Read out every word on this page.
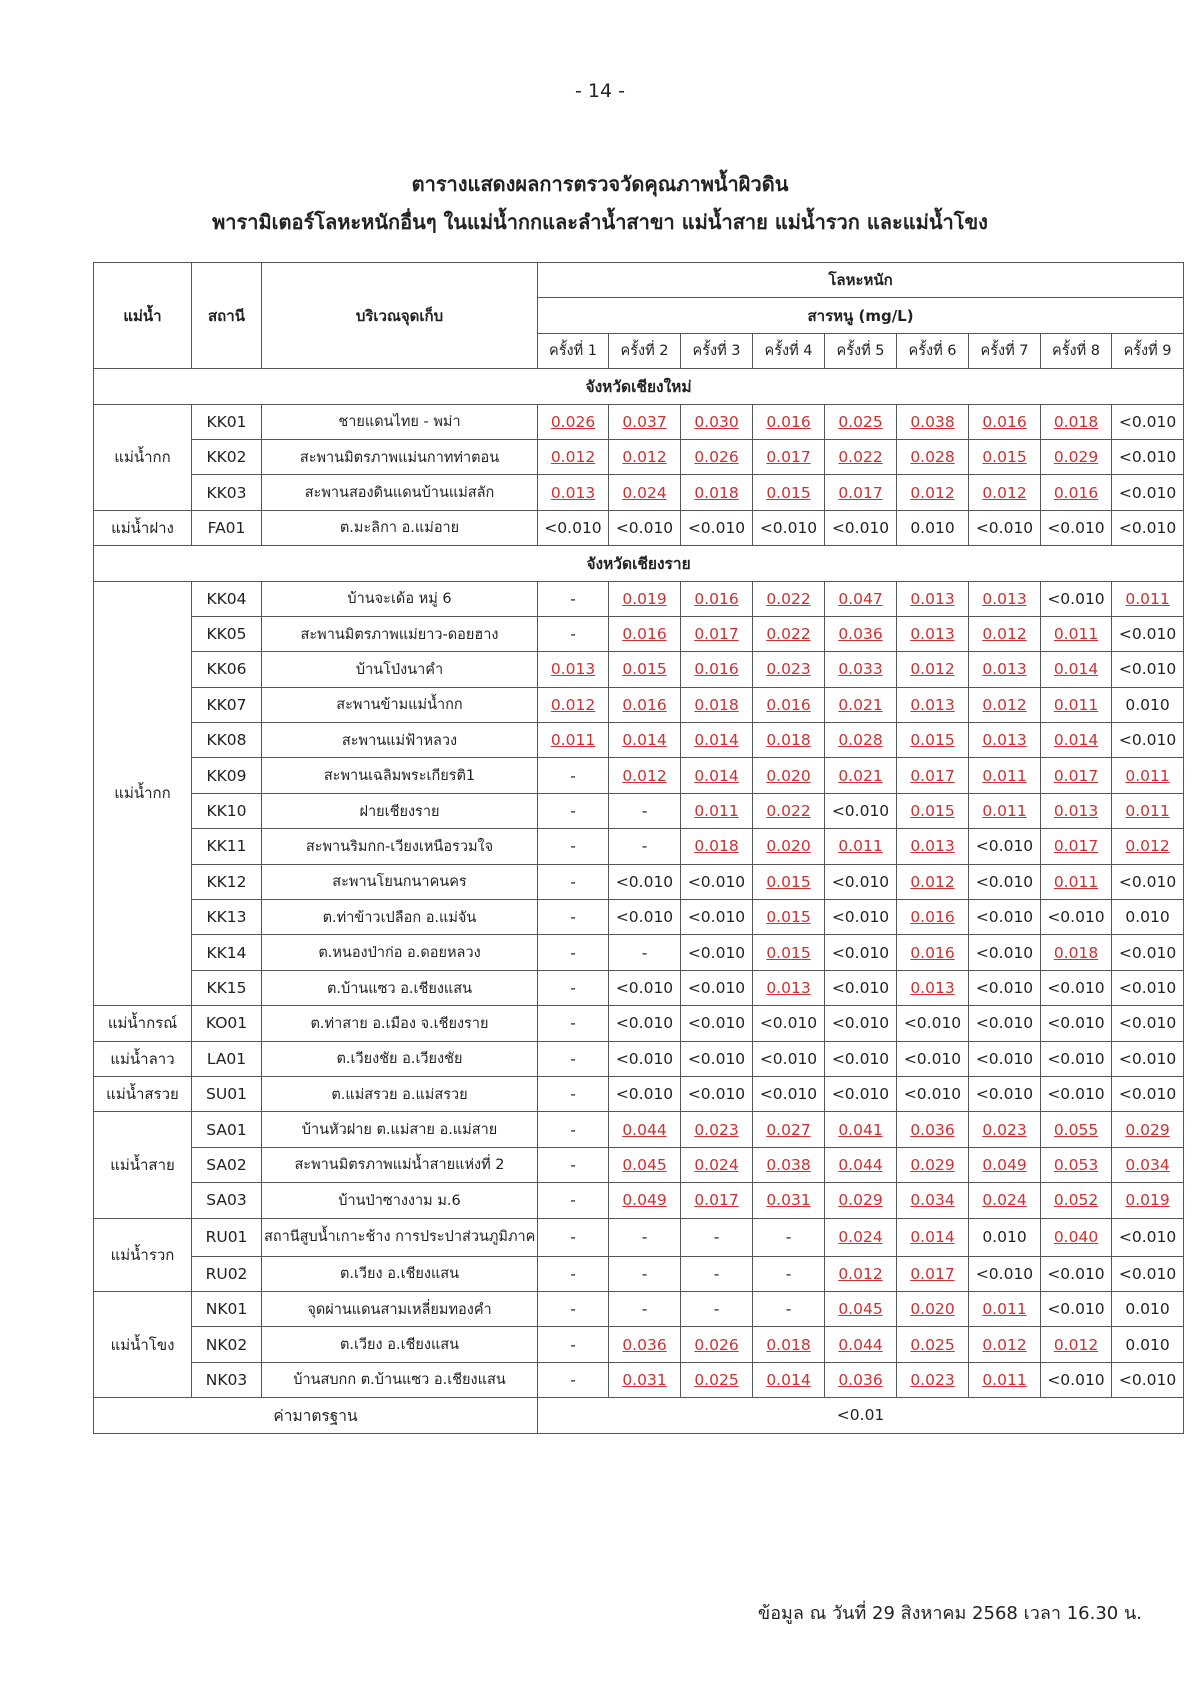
- 14 -
ตารางแสดงผลการตรวจวัดคุณภาพน้ำผิวดิน
พารามิเตอร์โลหะหนักอื่นๆ ในแม่น้ำกกและลำน้ำสาขา แม่น้ำสาย แม่น้ำรวก และแม่น้ำโขง
แม่น้ำ	สถานี	บริเวณจุดเก็บ	โลหะหนัก								
			สารหนู (mg/L)								
			ครั้งที่ 1	ครั้งที่ 2	ครั้งที่ 3	ครั้งที่ 4	ครั้งที่ 5	ครั้งที่ 6	ครั้งที่ 7	ครั้งที่ 8	ครั้งที่ 9
จังหวัดเชียงใหม่											
แม่น้ำกก	KK01	ชายแดนไทย - พม่า	0.026	0.037	0.030	0.016	0.025	0.038	0.016	0.018	<0.010
	KK02	สะพานมิตรภาพแม่นกาทท่าตอน	0.012	0.012	0.026	0.017	0.022	0.028	0.015	0.029	<0.010
	KK03	สะพานสองดินแดนบ้านแม่สลัก	0.013	0.024	0.018	0.015	0.017	0.012	0.012	0.016	<0.010
แม่น้ำฝาง	FA01	ต.มะลิกา อ.แม่อาย	<0.010	<0.010	<0.010	<0.010	<0.010	0.010	<0.010	<0.010	<0.010
จังหวัดเชียงราย											
แม่น้ำกก	KK04	บ้านจะเด้อ หมู่ 6	-	0.019	0.016	0.022	0.047	0.013	0.013	<0.010	0.011
	KK05	สะพานมิตรภาพแม่ยาว-ดอยฮาง	-	0.016	0.017	0.022	0.036	0.013	0.012	0.011	<0.010
	KK06	บ้านโป่งนาคำ	0.013	0.015	0.016	0.023	0.033	0.012	0.013	0.014	<0.010
	KK07	สะพานข้ามแม่น้ำกก	0.012	0.016	0.018	0.016	0.021	0.013	0.012	0.011	0.010
	KK08	สะพานแม่ฟ้าหลวง	0.011	0.014	0.014	0.018	0.028	0.015	0.013	0.014	<0.010
	KK09	สะพานเฉลิมพระเกียรติ1	-	0.012	0.014	0.020	0.021	0.017	0.011	0.017	0.011
	KK10	ฝายเชียงราย	-	-	0.011	0.022	<0.010	0.015	0.011	0.013	0.011
	KK11	สะพานริมกก-เวียงเหนือรวมใจ	-	-	0.018	0.020	0.011	0.013	<0.010	0.017	0.012
	KK12	สะพานโยนกนาคนคร	-	<0.010	<0.010	0.015	<0.010	0.012	<0.010	0.011	<0.010
	KK13	ต.ท่าข้าวเปลือก อ.แม่จัน	-	<0.010	<0.010	0.015	<0.010	0.016	<0.010	<0.010	0.010
	KK14	ต.หนองป่าก่อ อ.ดอยหลวง	-	-	<0.010	0.015	<0.010	0.016	<0.010	0.018	<0.010
	KK15	ต.บ้านแซว อ.เชียงแสน	-	<0.010	<0.010	0.013	<0.010	0.013	<0.010	<0.010	<0.010
แม่น้ำกรณ์	KO01	ต.ท่าสาย อ.เมือง จ.เชียงราย	-	<0.010	<0.010	<0.010	<0.010	<0.010	<0.010	<0.010	<0.010
แม่น้ำลาว	LA01	ต.เวียงชัย อ.เวียงชัย	-	<0.010	<0.010	<0.010	<0.010	<0.010	<0.010	<0.010	<0.010
แม่น้ำสรวย	SU01	ต.แม่สรวย อ.แม่สรวย	-	<0.010	<0.010	<0.010	<0.010	<0.010	<0.010	<0.010	<0.010
แม่น้ำสาย	SA01	บ้านหัวฝาย ต.แม่สาย อ.แม่สาย	-	0.044	0.023	0.027	0.041	0.036	0.023	0.055	0.029
	SA02	สะพานมิตรภาพแม่น้ำสายแห่งที่ 2	-	0.045	0.024	0.038	0.044	0.029	0.049	0.053	0.034
	SA03	บ้านป่าซางงาม ม.6	-	0.049	0.017	0.031	0.029	0.034	0.024	0.052	0.019
แม่น้ำรวก	RU01	สถานีสูบน้ำเกาะช้าง การประปาส่วนภูมิภาค	-	-	-	-	0.024	0.014	0.010	0.040	<0.010
	RU02	ต.เวียง อ.เชียงแสน	-	-	-	-	0.012	0.017	<0.010	<0.010	<0.010
แม่น้ำโขง	NK01	จุดผ่านแดนสามเหลี่ยมทองคำ	-	-	-	-	0.045	0.020	0.011	<0.010	0.010
	NK02	ต.เวียง อ.เชียงแสน	-	0.036	0.026	0.018	0.044	0.025	0.012	0.012	0.010
	NK03	บ้านสบกก ต.บ้านแซว อ.เชียงแสน	-	0.031	0.025	0.014	0.036	0.023	0.011	<0.010	<0.010
ค่ามาตรฐาน			<0.01								
ข้อมูล ณ วันที่ 29 สิงหาคม 2568 เวลา 16.30 น.
